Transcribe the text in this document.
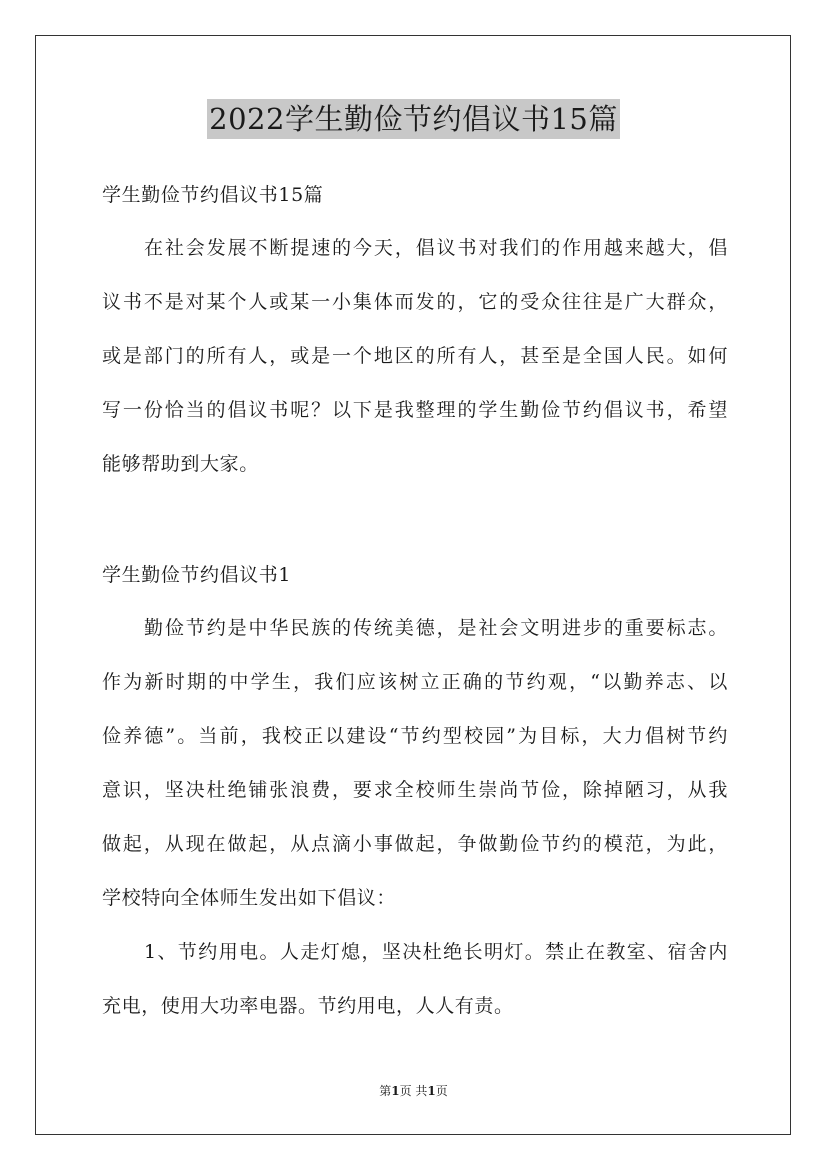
2022学生勤俭节约倡议书15篇
学生勤俭节约倡议书15篇
在社会发展不断提速的今天，倡议书对我们的作用越来越大，倡
议书不是对某个人或某一小集体而发的，它的受众往往是广大群众，
或是部门的所有人，或是一个地区的所有人，甚至是全国人民。如何
写一份恰当的倡议书呢？以下是我整理的学生勤俭节约倡议书，希望
能够帮助到大家。
学生勤俭节约倡议书1
勤俭节约是中华民族的传统美德，是社会文明进步的重要标志。
作为新时期的中学生，我们应该树立正确的节约观，“以勤养志、以
俭养德”。当前，我校正以建设“节约型校园”为目标，大力倡树节约
意识，坚决杜绝铺张浪费，要求全校师生崇尚节俭，除掉陋习，从我
做起，从现在做起，从点滴小事做起，争做勤俭节约的模范，为此，
学校特向全体师生发出如下倡议：
1、节约用电。人走灯熄，坚决杜绝长明灯。禁止在教室、宿舍内
充电，使用大功率电器。节约用电，人人有责。
第1页 共1页
